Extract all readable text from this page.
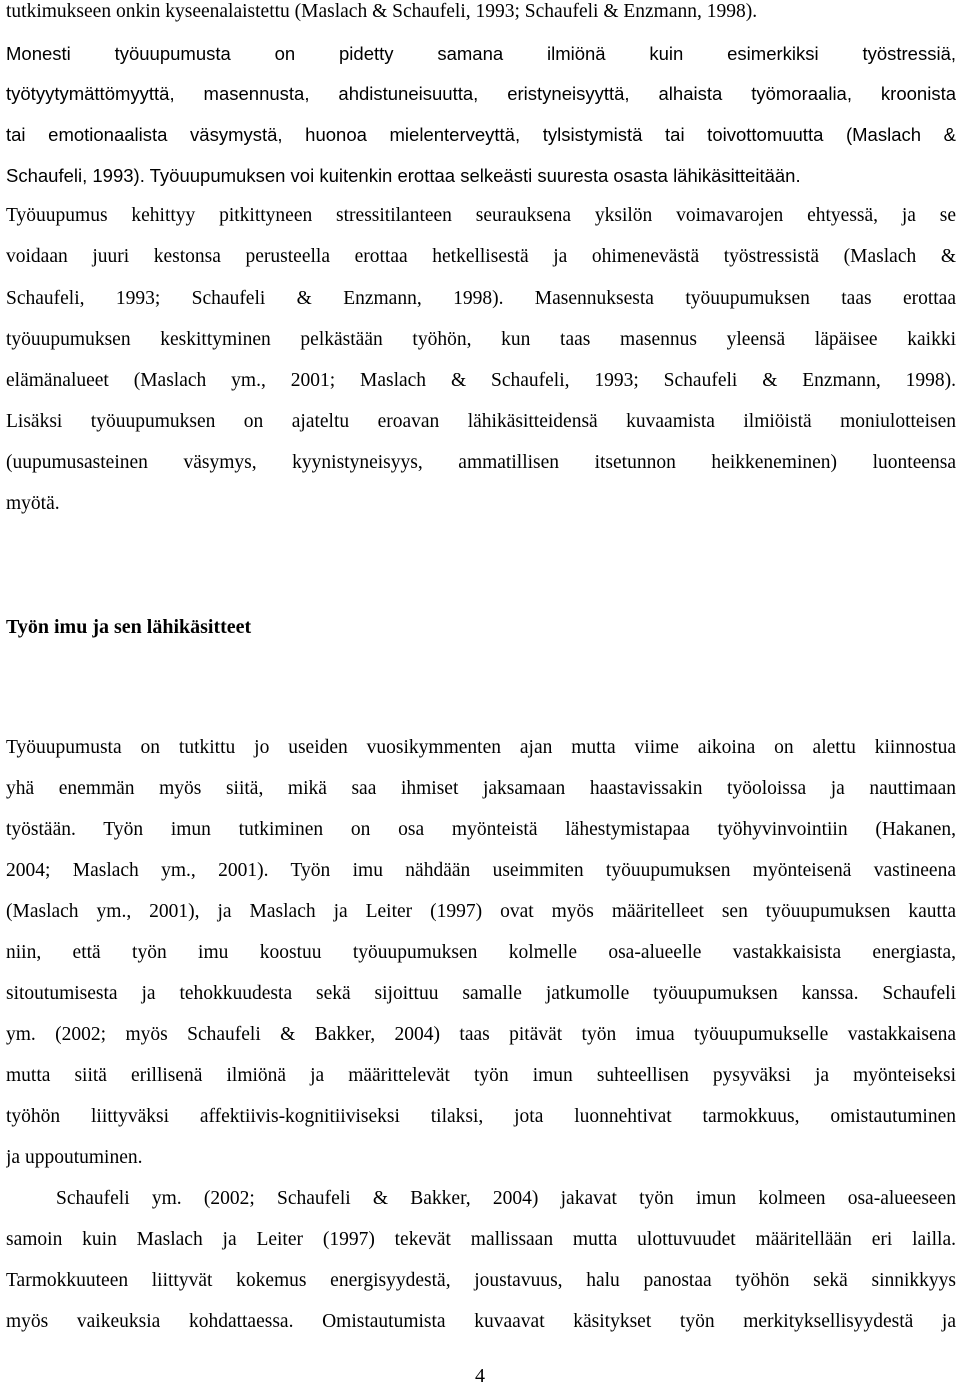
tutkimukseen onkin kyseenalaistettu (Maslach & Schaufeli, 1993; Schaufeli & Enzmann, 1998).
Monesti työuupumusta on pidetty samana ilmiönä kuin esimerkiksi työstressiä,
työtyytymättömyyttä, masennusta, ahdistuneisuutta, eristyneisyyttä, alhaista työmoraalia, kroonista
tai emotionaalista väsymystä, huonoa mielenterveyttä, tylsistymistä tai toivottomuutta (Maslach &
Schaufeli, 1993). Työuupumuksen voi kuitenkin erottaa selkeästi suuresta osasta lähikäsitteitään.
Työuupumus kehittyy pitkittyneen stressitilanteen seurauksena yksilön voimavarojen ehtyessä, ja se
voidaan juuri kestonsa perusteella erottaa hetkellisestä ja ohimenevästä työstressistä (Maslach &
Schaufeli, 1993; Schaufeli & Enzmann, 1998). Masennuksesta työuupumuksen taas erottaa
työuupumuksen keskittyminen pelkästään työhön, kun taas masennus yleensä läpäisee kaikki
elämänalueet (Maslach ym., 2001; Maslach & Schaufeli, 1993; Schaufeli & Enzmann, 1998).
Lisäksi työuupumuksen on ajateltu eroavan lähikäsitteidensä kuvaamista ilmiöistä moniulotteisen
(uupumusasteinen väsymys, kyynistyneisyys, ammatillisen itsetunnon heikkeneminen) luonteensa
myötä.
Työn imu ja sen lähikäsitteet
Työuupumusta on tutkittu jo useiden vuosikymmenten ajan mutta viime aikoina on alettu kiinnostua
yhä enemmän myös siitä, mikä saa ihmiset jaksamaan haastavissakin työoloissa ja nauttimaan
työstään. Työn imun tutkiminen on osa myönteistä lähestymistapaa työhyvinvointiin (Hakanen,
2004; Maslach ym., 2001). Työn imu nähdään useimmiten työuupumuksen myönteisenä vastineena
(Maslach ym., 2001), ja Maslach ja Leiter (1997) ovat myös määritelleet sen työuupumuksen kautta
niin, että työn imu koostuu työuupumuksen kolmelle osa-alueelle vastakkaisista energiasta,
sitoutumisesta ja tehokkuudesta sekä sijoittuu samalle jatkumolle työuupumuksen kanssa. Schaufeli
ym. (2002; myös Schaufeli & Bakker, 2004) taas pitävät työn imua työuupumukselle vastakkaisena
mutta siitä erillisenä ilmiönä ja määrittelevät työn imun suhteellisen pysyväksi ja myönteiseksi
työhön liittyväksi affektiivis-kognitiiviseksi tilaksi, jota luonnehtivat tarmokkuus, omistautuminen
ja uppoutuminen.
Schaufeli ym. (2002; Schaufeli & Bakker, 2004) jakavat työn imun kolmeen osa-alueeseen
samoin kuin Maslach ja Leiter (1997) tekevät mallissaan mutta ulottuvuudet määritellään eri lailla.
Tarmokkuuteen liittyvät kokemus energisyydestä, joustavuus, halu panostaa työhön sekä sinnikkyys
myös vaikeuksia kohdattaessa. Omistautumista kuvaavat käsitykset työn merkityksellisyydestä ja
4
